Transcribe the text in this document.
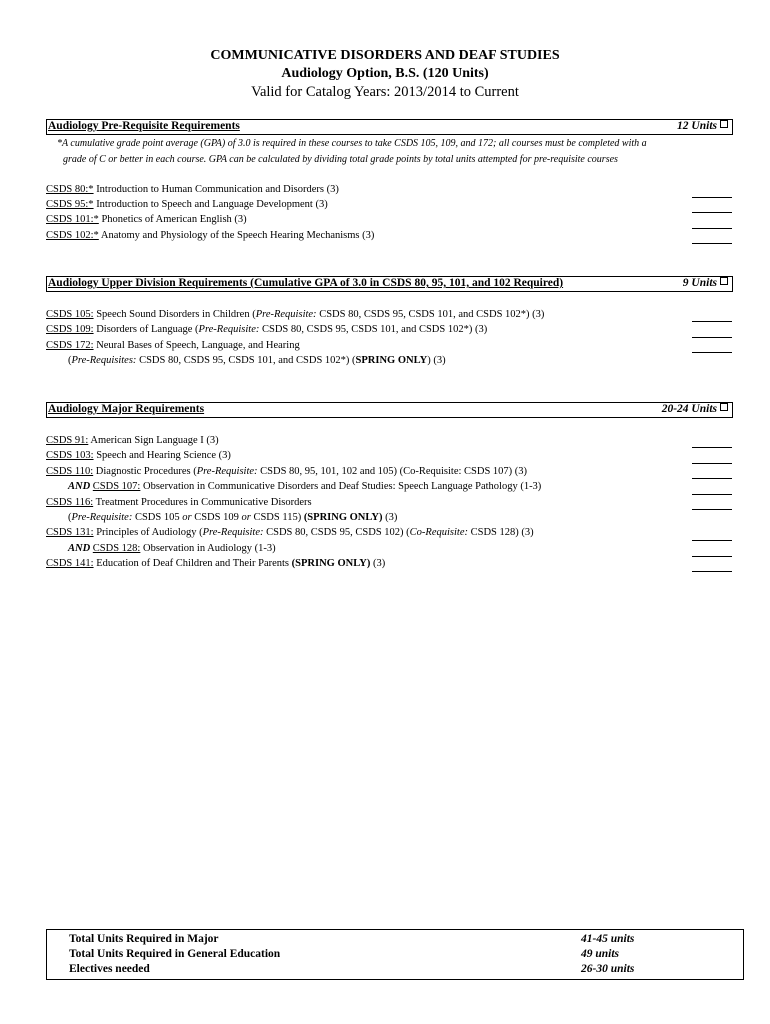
COMMUNICATIVE DISORDERS AND DEAF STUDIES
Audiology Option, B.S. (120 Units)
Valid for Catalog Years: 2013/2014 to Current
Audiology Pre-Requisite Requirements	12 Units
*A cumulative grade point average (GPA) of 3.0 is required in these courses to take CSDS 105, 109, and 172; all courses must be completed with a
grade of C or better in each course. GPA can be calculated by dividing total grade points by total units attempted for pre-requisite courses
CSDS 80:* Introduction to Human Communication and Disorders (3)
CSDS 95:* Introduction to Speech and Language Development (3)
CSDS 101:* Phonetics of American English (3)
CSDS 102:* Anatomy and Physiology of the Speech Hearing Mechanisms (3)
Audiology Upper Division Requirements (Cumulative GPA of 3.0 in CSDS 80, 95, 101, and 102 Required)	9 Units
CSDS 105: Speech Sound Disorders in Children (Pre-Requisite: CSDS 80, CSDS 95, CSDS 101, and CSDS 102*) (3)
CSDS 109: Disorders of Language (Pre-Requisite: CSDS 80, CSDS 95, CSDS 101, and CSDS 102*) (3)
CSDS 172: Neural Bases of Speech, Language, and Hearing
(Pre-Requisites: CSDS 80, CSDS 95, CSDS 101, and CSDS 102*) (SPRING ONLY) (3)
Audiology Major Requirements	20-24 Units
CSDS 91: American Sign Language I (3)
CSDS 103: Speech and Hearing Science (3)
CSDS 110: Diagnostic Procedures (Pre-Requisite: CSDS 80, 95, 101, 102 and 105) (Co-Requisite: CSDS 107) (3)
AND CSDS 107: Observation in Communicative Disorders and Deaf Studies: Speech Language Pathology (1-3)
CSDS 116: Treatment Procedures in Communicative Disorders
(Pre-Requisite: CSDS 105 or CSDS 109 or CSDS 115) (SPRING ONLY) (3)
CSDS 131: Principles of Audiology (Pre-Requisite: CSDS 80, CSDS 95, CSDS 102) (Co-Requisite: CSDS 128) (3)
AND CSDS 128: Observation in Audiology (1-3)
CSDS 141: Education of Deaf Children and Their Parents (SPRING ONLY) (3)
Total Units Required in Major	41-45 units
Total Units Required in General Education	49 units
Electives needed	26-30 units
